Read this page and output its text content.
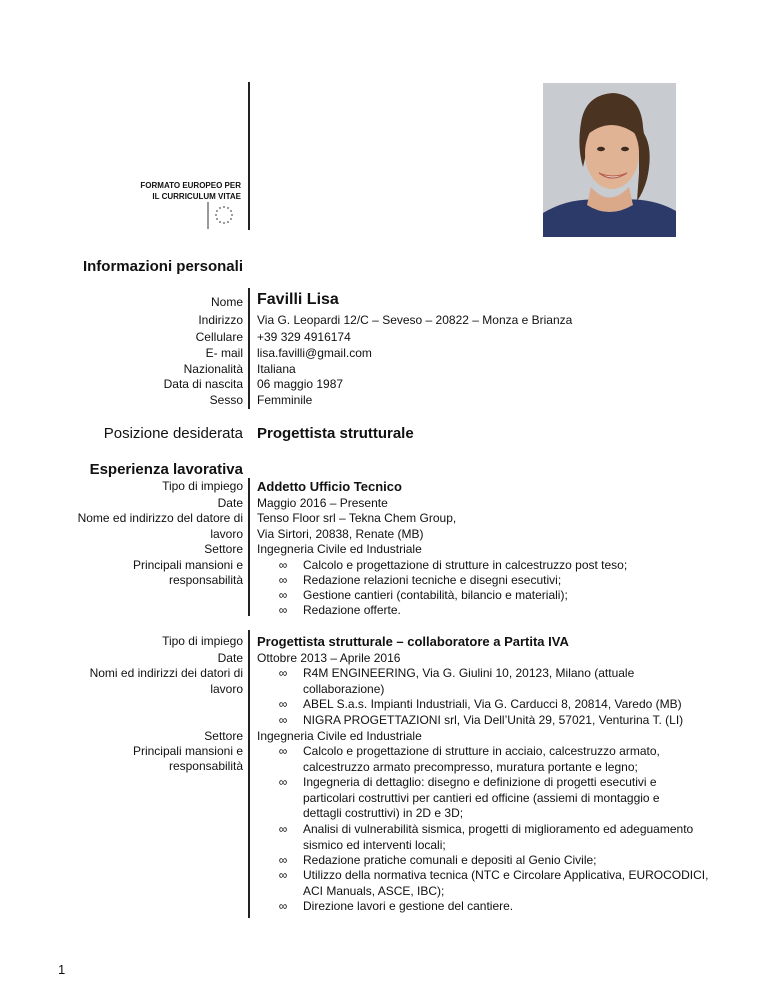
FORMATO EUROPEO PER
IL CURRICULUM VITAE
Informazioni personali
Nome
Indirizzo
Cellulare
E- mail
Nazionalità
Data di nascita
Sesso
Favilli Lisa
Via G. Leopardi 12/C – Seveso – 20822 – Monza e Brianza
+39 329 4916174
lisa.favilli@gmail.com
Italiana
06 maggio 1987
Femminile
Posizione desiderata Progettista strutturale
Esperienza lavorativa
Tipo di impiego
Date
Nome ed indirizzo del datore di
lavoro
Settore
Principali mansioni e
responsabilità
Addetto Ufficio Tecnico
Maggio 2016 – Presente
Tenso Floor srl – Tekna Chem Group,
Via Sirtori, 20838, Renate (MB)
Ingegneria Civile ed Industriale
∞ Calcolo e progettazione di strutture in calcestruzzo post teso;
∞ Redazione relazioni tecniche e disegni esecutivi;
∞ Gestione cantieri (contabilità, bilancio e materiali);
∞ Redazione offerte.
Tipo di impiego
Date
Nomi ed indirizzi dei datori di
lavoro
Settore
Principali mansioni e
responsabilità
Progettista strutturale – collaboratore a Partita IVA
Ottobre 2013 – Aprile 2016
∞ R4M ENGINEERING, Via G. Giulini 10, 20123, Milano (attuale
collaborazione)
∞ ABEL S.a.s. Impianti Industriali, Via G. Carducci 8, 20814, Varedo (MB)
∞ NIGRA PROGETTAZIONI srl, Via Dell’Unità 29, 57021, Venturina T. (LI)
Ingegneria Civile ed Industriale
∞ Calcolo e progettazione di strutture in acciaio, calcestruzzo armato,
calcestruzzo armato precompresso, muratura portante e legno;
∞ Ingegneria di dettaglio: disegno e definizione di progetti esecutivi e
particolari costruttivi per cantieri ed officine (assiemi di montaggio e
dettagli costruttivi) in 2D e 3D;
∞ Analisi di vulnerabilità sismica, progetti di miglioramento ed adeguamento
sismico ed interventi locali;
∞ Redazione pratiche comunali e depositi al Genio Civile;
∞ Utilizzo della normativa tecnica (NTC e Circolare Applicativa, EUROCODICI,
ACI Manuals, ASCE, IBC);
∞ Direzione lavori e gestione del cantiere.
1
